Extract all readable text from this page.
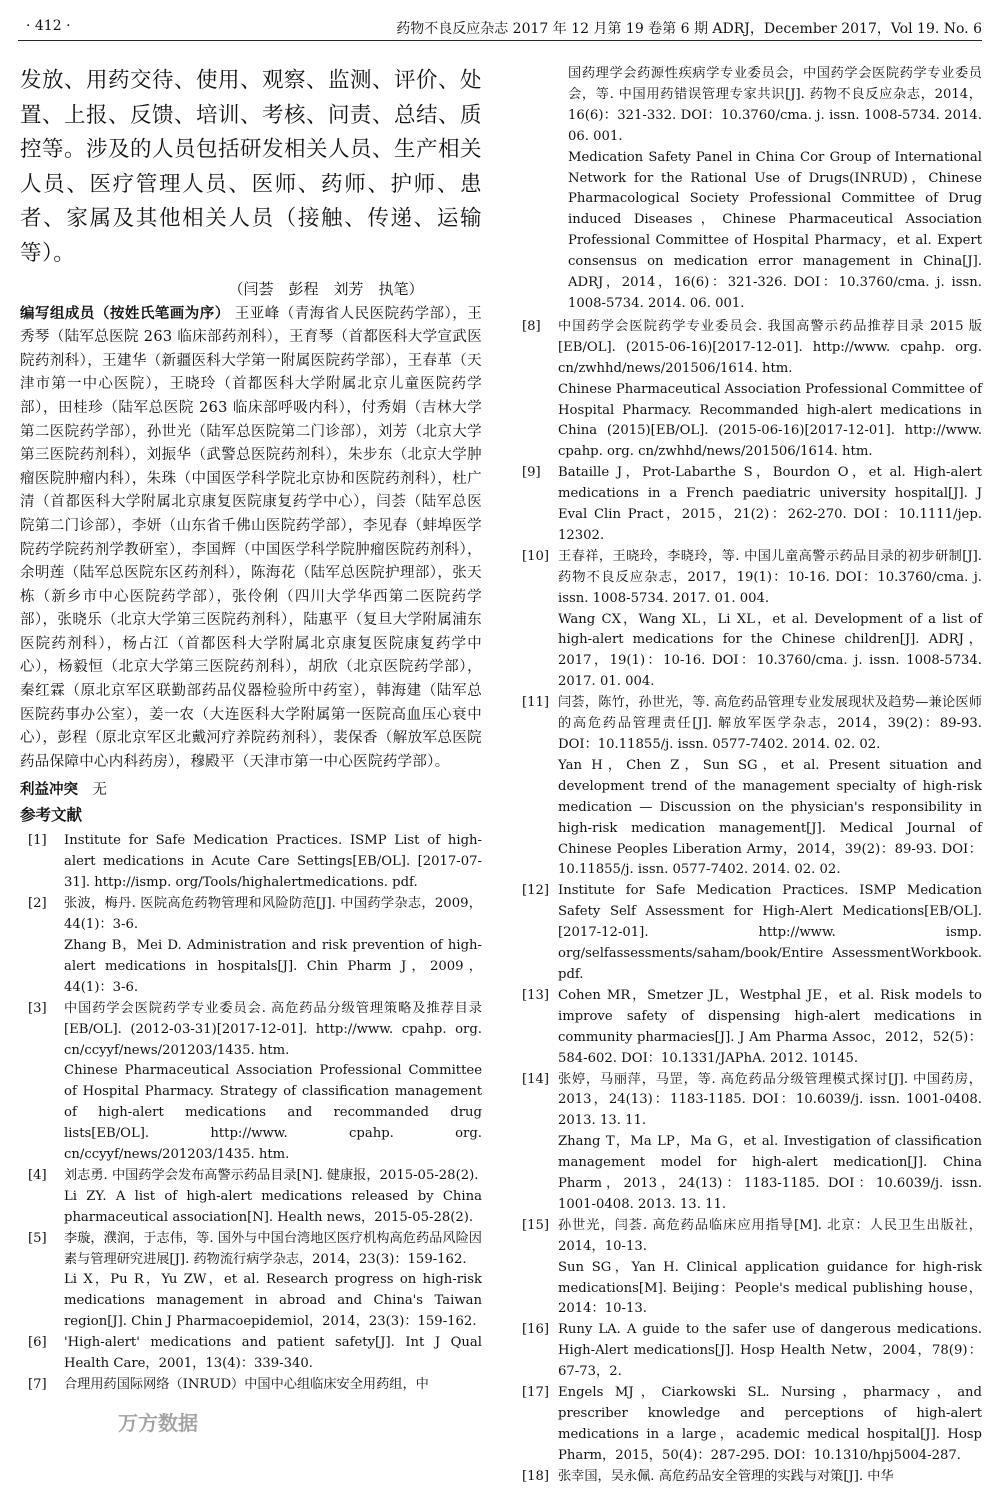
· 412 ·	药物不良反应杂志 2017 年 12 月第 19 卷第 6 期 ADRJ，December 2017，Vol 19. No. 6

发放、用药交待、使用、观察、监测、评价、处置、上报、反馈、培训、考核、问责、总结、质控等。涉及的人员包括研发相关人员、生产相关人员、医疗管理人员、医师、药师、护师、患者、家属及其他相关人员（接触、传递、运输等）。

（闫荟　彭程　刘芳　执笔）

编写组成员（按姓氏笔画为序） 王亚峰（青海省人民医院药学部），王秀琴（陆军总医院 263 临床部药剂科），王育琴（首都医科大学宣武医院药剂科），王建华（新疆医科大学第一附属医院药学部），王春革（天津市第一中心医院），王晓玲（首都医科大学附属北京儿童医院药学部），田桂珍（陆军总医院 263 临床部呼吸内科），付秀娟（吉林大学第二医院药学部），孙世光（陆军总医院第二门诊部），刘芳（北京大学第三医院药剂科），刘振华（武警总医院药剂科），朱步东（北京大学肿瘤医院肿瘤内科），朱珠（中国医学科学院北京协和医院药剂科），杜广清（首都医科大学附属北京康复医院康复药学中心），闫荟（陆军总医院第二门诊部），李妍（山东省千佛山医院药学部），李见春（蚌埠医学院药学院药剂学教研室），李国辉（中国医学科学院肿瘤医院药剂科），余明莲（陆军总医院东区药剂科），陈海花（陆军总医院护理部），张天栋（新乡市中心医院药学部），张伶俐（四川大学华西第二医院药学部），张晓乐（北京大学第三医院药剂科），陆惠平（复旦大学附属浦东医院药剂科），杨占江（首都医科大学附属北京康复医院康复药学中心），杨毅恒（北京大学第三医院药剂科），胡欣（北京医院药学部），秦红霖（原北京军区联勤部药品仪器检验所中药室），韩海建（陆军总医院药事办公室），姜一农（大连医科大学附属第一医院高血压心衰中心），彭程（原北京军区北戴河疗养院药剂科），裴保香（解放军总医院药品保障中心内科药房），穆殿平（天津市第一中心医院药学部）。

利益冲突　无
参考文献
[1]	Institute for Safe Medication Practices. ISMP List of high-alert medications in Acute Care Settings[EB/OL]. [2017-07-31]. http://ismp. org/Tools/highalertmedications. pdf.
[2]	张波，梅丹. 医院高危药物管理和风险防范[J]. 中国药学杂志，2009，44(1)：3-6.
Zhang B，Mei D. Administration and risk prevention of high-alert medications in hospitals[J]. Chin Pharm J，2009，44(1)：3-6.
[3]	中国药学会医院药学专业委员会. 高危药品分级管理策略及推荐目录[EB/OL]. (2012-03-31)[2017-12-01]. http://www. cpahp. org. cn/ccyyf/news/201203/1435. htm.
Chinese Pharmaceutical Association Professional Committee of Hospital Pharmacy. Strategy of classification management of high-alert medications and recommanded drug lists[EB/OL]. http://www. cpahp. org. cn/ccyyf/news/201203/1435. htm.
[4]	刘志勇. 中国药学会发布高警示药品目录[N]. 健康报，2015-05-28(2).
Li ZY. A list of high-alert medications released by China pharmaceutical association[N]. Health news，2015-05-28(2).
[5]	李璇，濮润，于志伟，等. 国外与中国台湾地区医疗机构高危药品风险因素与管理研究进展[J]. 药物流行病学杂志，2014，23(3)：159-162.
Li X，Pu R，Yu ZW，et al. Research progress on high-risk medications management in abroad and China's Taiwan region[J]. Chin J Pharmacoepidemiol，2014，23(3)：159-162.
[6]	'High-alert' medications and patient safety[J]. Int J Qual Health Care，2001，13(4)：339-340.
[7]	合理用药国际网络（INRUD）中国中心组临床安全用药组，中

国药理学会药源性疾病学专业委员会，中国药学会医院药学专业委员会，等. 中国用药错误管理专家共识[J]. 药物不良反应杂志，2014，16(6)：321-332. DOI：10.3760/cma. j. issn. 1008-5734. 2014. 06. 001.

Medication Safety Panel in China Cor Group of International Network for the Rational Use of Drugs(INRUD)，Chinese Pharmacological Society Professional Committee of Drug induced Diseases，Chinese Pharmaceutical Association Professional Committee of Hospital Pharmacy，et al. Expert consensus on medication error management in China[J]. ADRJ，2014，16(6)：321-326. DOI：10.3760/cma. j. issn. 1008-5734. 2014. 06. 001.

[8]	中国药学会医院药学专业委员会. 我国高警示药品推荐目录 2015 版[EB/OL]. (2015-06-16)[2017-12-01]. http://www. cpahp. org. cn/zwhhd/news/201506/1614. htm.
Chinese Pharmaceutical Association Professional Committee of Hospital Pharmacy. Recommanded high-alert medications in China (2015)[EB/OL]. (2015-06-16)[2017-12-01]. http://www. cpahp. org. cn/zwhhd/news/201506/1614. htm.
[9]	Bataille J，Prot-Labarthe S，Bourdon O，et al. High-alert medications in a French paediatric university hospital[J]. J Eval Clin Pract，2015，21(2)：262-270. DOI：10.1111/jep. 12302.
[10] 王春祥，王晓玲，李晓玲，等. 中国儿童高警示药品目录的初步研制[J]. 药物不良反应杂志，2017，19(1)：10-16. DOI：10.3760/cma. j. issn. 1008-5734. 2017. 01. 004.
Wang CX，Wang XL，Li XL，et al. Development of a list of high-alert medications for the Chinese children[J]. ADRJ，2017，19(1)：10-16. DOI：10.3760/cma. j. issn. 1008-5734. 2017. 01. 004.
[11] 闫荟，陈竹，孙世光，等. 高危药品管理专业发展现状及趋势—兼论医师的高危药品管理责任[J]. 解放军医学杂志，2014，39(2)：89-93. DOI：10.11855/j. issn. 0577-7402. 2014. 02. 02.
Yan H，Chen Z，Sun SG，et al. Present situation and development trend of the management specialty of high-risk medication — Discussion on the physician's responsibility in high-risk medication management[J]. Medical Journal of Chinese Peoples Liberation Army，2014，39(2)：89-93. DOI：10.11855/j. issn. 0577-7402. 2014. 02. 02.
[12] Institute for Safe Medication Practices. ISMP Medication Safety Self Assessment for High-Alert Medications[EB/OL]. [2017-12-01]. http://www. ismp. org/selfassessments/saham/book/Entire AssessmentWorkbook. pdf.
[13] Cohen MR，Smetzer JL，Westphal JE，et al. Risk models to improve safety of dispensing high-alert medications in community pharmacies[J]. J Am Pharma Assoc，2012，52(5)：584-602. DOI：10.1331/JAPhA. 2012. 10145.
[14] 张婷，马丽萍，马罡，等. 高危药品分级管理模式探讨[J]. 中国药房，2013，24(13)：1183-1185. DOI：10.6039/j. issn. 1001-0408. 2013. 13. 11.
Zhang T，Ma LP，Ma G，et al. Investigation of classification management model for high-alert medication[J]. China Pharm，2013，24(13)：1183-1185. DOI：10.6039/j. issn. 1001-0408. 2013. 13. 11.
[15] 孙世光，闫荟. 高危药品临床应用指导[M]. 北京：人民卫生出版社，2014，10-13.
Sun SG，Yan H. Clinical application guidance for high-risk medications[M]. Beijing：People's medical publishing house，2014：10-13.
[16] Runy LA. A guide to the safer use of dangerous medications. High-Alert medications[J]. Hosp Health Netw，2004，78(9)：67-73，2.
[17] Engels MJ，Ciarkowski SL. Nursing，pharmacy，and prescriber knowledge and perceptions of high-alert medications in a large，academic medical hospital[J]. Hosp Pharm，2015，50(4)：287-295. DOI：10.1310/hpj5004-287.
[18] 张幸国，吴永佩. 高危药品安全管理的实践与对策[J]. 中华
万方数据
